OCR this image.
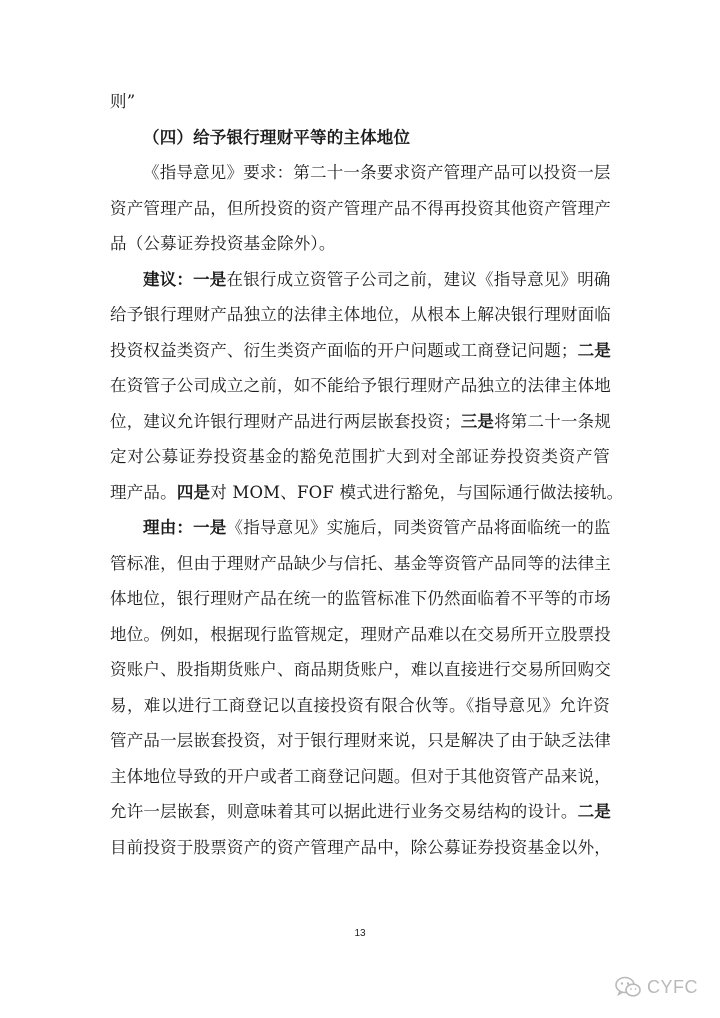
则”
（四）给予银行理财平等的主体地位
《指导意见》要求：第二十一条要求资产管理产品可以投资一层
资产管理产品，但所投资的资产管理产品不得再投资其他资产管理产
品（公募证券投资基金除外）。
建议：一是在银行成立资管子公司之前，建议《指导意见》明确
给予银行理财产品独立的法律主体地位，从根本上解决银行理财面临
投资权益类资产、衍生类资产面临的开户问题或工商登记问题；二是
在资管子公司成立之前，如不能给予银行理财产品独立的法律主体地
位，建议允许银行理财产品进行两层嵌套投资；三是将第二十一条规
定对公募证券投资基金的豁免范围扩大到对全部证券投资类资产管
理产品。四是对 MOM、FOF 模式进行豁免，与国际通行做法接轨。
理由：一是《指导意见》实施后，同类资管产品将面临统一的监
管标准，但由于理财产品缺少与信托、基金等资管产品同等的法律主
体地位，银行理财产品在统一的监管标准下仍然面临着不平等的市场
地位。例如，根据现行监管规定，理财产品难以在交易所开立股票投
资账户、股指期货账户、商品期货账户，难以直接进行交易所回购交
易，难以进行工商登记以直接投资有限合伙等。《指导意见》允许资
管产品一层嵌套投资，对于银行理财来说，只是解决了由于缺乏法律
主体地位导致的开户或者工商登记问题。但对于其他资管产品来说，
允许一层嵌套，则意味着其可以据此进行业务交易结构的设计。二是
目前投资于股票资产的资产管理产品中，除公募证券投资基金以外，
13
CYFC
